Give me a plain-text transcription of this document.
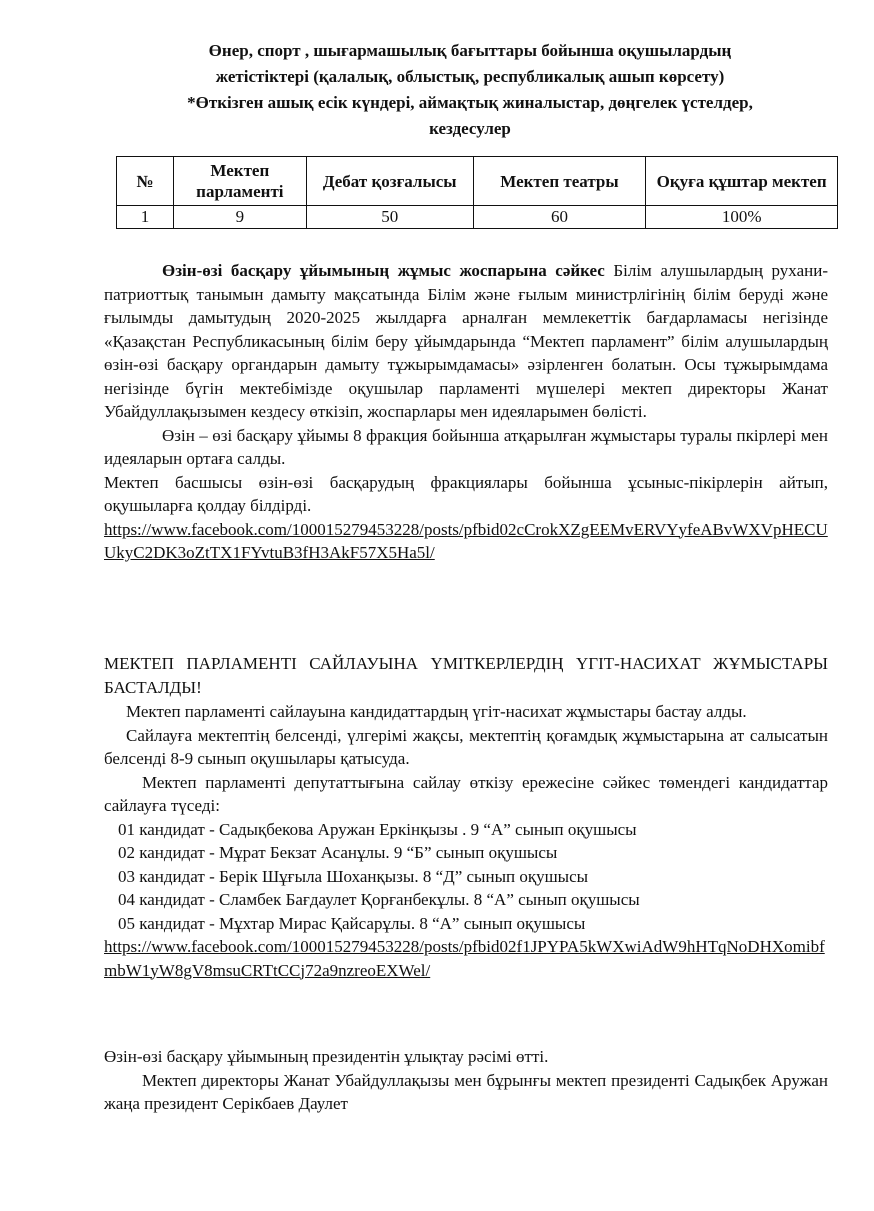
Өнер, спорт , шығармашылық бағыттары бойынша оқушылардың
жетістіктері (қалалық, облыстық, республикалық ашып көрсету)
*Өткізген ашық есік күндері, аймақтық жиналыстар, дөңгелек үстелдер,
кездесулер
№	Мектеп парламенті	Дебат қозғалысы	Мектеп театры	Оқуға құштар мектеп
1	9	50	60	100%

Өзін-өзі басқару ұйымының жұмыс жоспарына сәйкес Білім алушылардың рухани-патриоттық танымын дамыту мақсатында Білім және ғылым министрлігінің білім беруді және ғылымды дамытудың 2020-2025 жылдарға арналған мемлекеттік бағдарламасы негізінде «Қазақстан Республикасының білім беру ұйымдарында “Мектеп парламент” білім алушылардың өзін-өзі басқару органдарын дамыту тұжырымдамасы» әзірленген болатын. Осы тұжырымдама негізінде бүгін мектебімізде оқушылар парламенті мүшелері мектеп директоры Жанат Убайдуллақызымен кездесу өткізіп, жоспарлары мен идеяларымен бөлісті.

Өзін – өзі басқару ұйымы 8 фракция бойынша атқарылған жұмыстары туралы пкірлері мен идеяларын ортаға салды.

Мектеп басшысы өзін-өзі басқарудың фракциялары бойынша ұсыныс-пікірлерін айтып, оқушыларға қолдау білдірді.

https://www.facebook.com/100015279453228/posts/pfbid02cCrokXZgEEMvERVYyfeABvWXVpHECUUkyC2DK3oZtTX1FYvtuB3fH3AkF57X5Ha5l/

МЕКТЕП ПАРЛАМЕНТІ САЙЛАУЫНА ҮМІТКЕРЛЕРДІҢ ҮГІТ-НАСИХАТ ЖҰМЫСТАРЫ БАСТАЛДЫ!

Мектеп парламенті сайлауына кандидаттардың үгіт-насихат жұмыстары бастау алды.

Сайлауға мектептің белсенді, үлгерімі жақсы, мектептің қоғамдық жұмыстарына ат салысатын белсенді 8-9 сынып оқушылары қатысуда.

Мектеп парламенті депутаттығына сайлау өткізу ережесіне сәйкес төмендегі кандидаттар сайлауға түседі:

01 кандидат - Садықбекова Аружан Еркінқызы . 9 “А” сынып оқушысы
02 кандидат - Мұрат Бекзат Асанұлы. 9 “Б” сынып оқушысы
03 кандидат - Берік Шұғыла Шоханқызы. 8 “Д” сынып оқушысы
04 кандидат - Сламбек Бағдаулет Қорғанбекұлы. 8 “А” сынып оқушысы
05 кандидат - Мұхтар Мирас Қайсарұлы. 8 “А” сынып оқушысы

https://www.facebook.com/100015279453228/posts/pfbid02f1JPYPA5kWXwiAdW9hHTqNoDHXomibfmbW1yW8gV8msuCRTtCCj72a9nzreoEXWel/

Өзін-өзі басқару ұйымының президентін ұлықтау рәсімі өтті.

Мектеп директоры Жанат Убайдуллақызы мен бұрынғы мектеп президенті Садықбек Аружан жаңа президент Серікбаев Даулет
